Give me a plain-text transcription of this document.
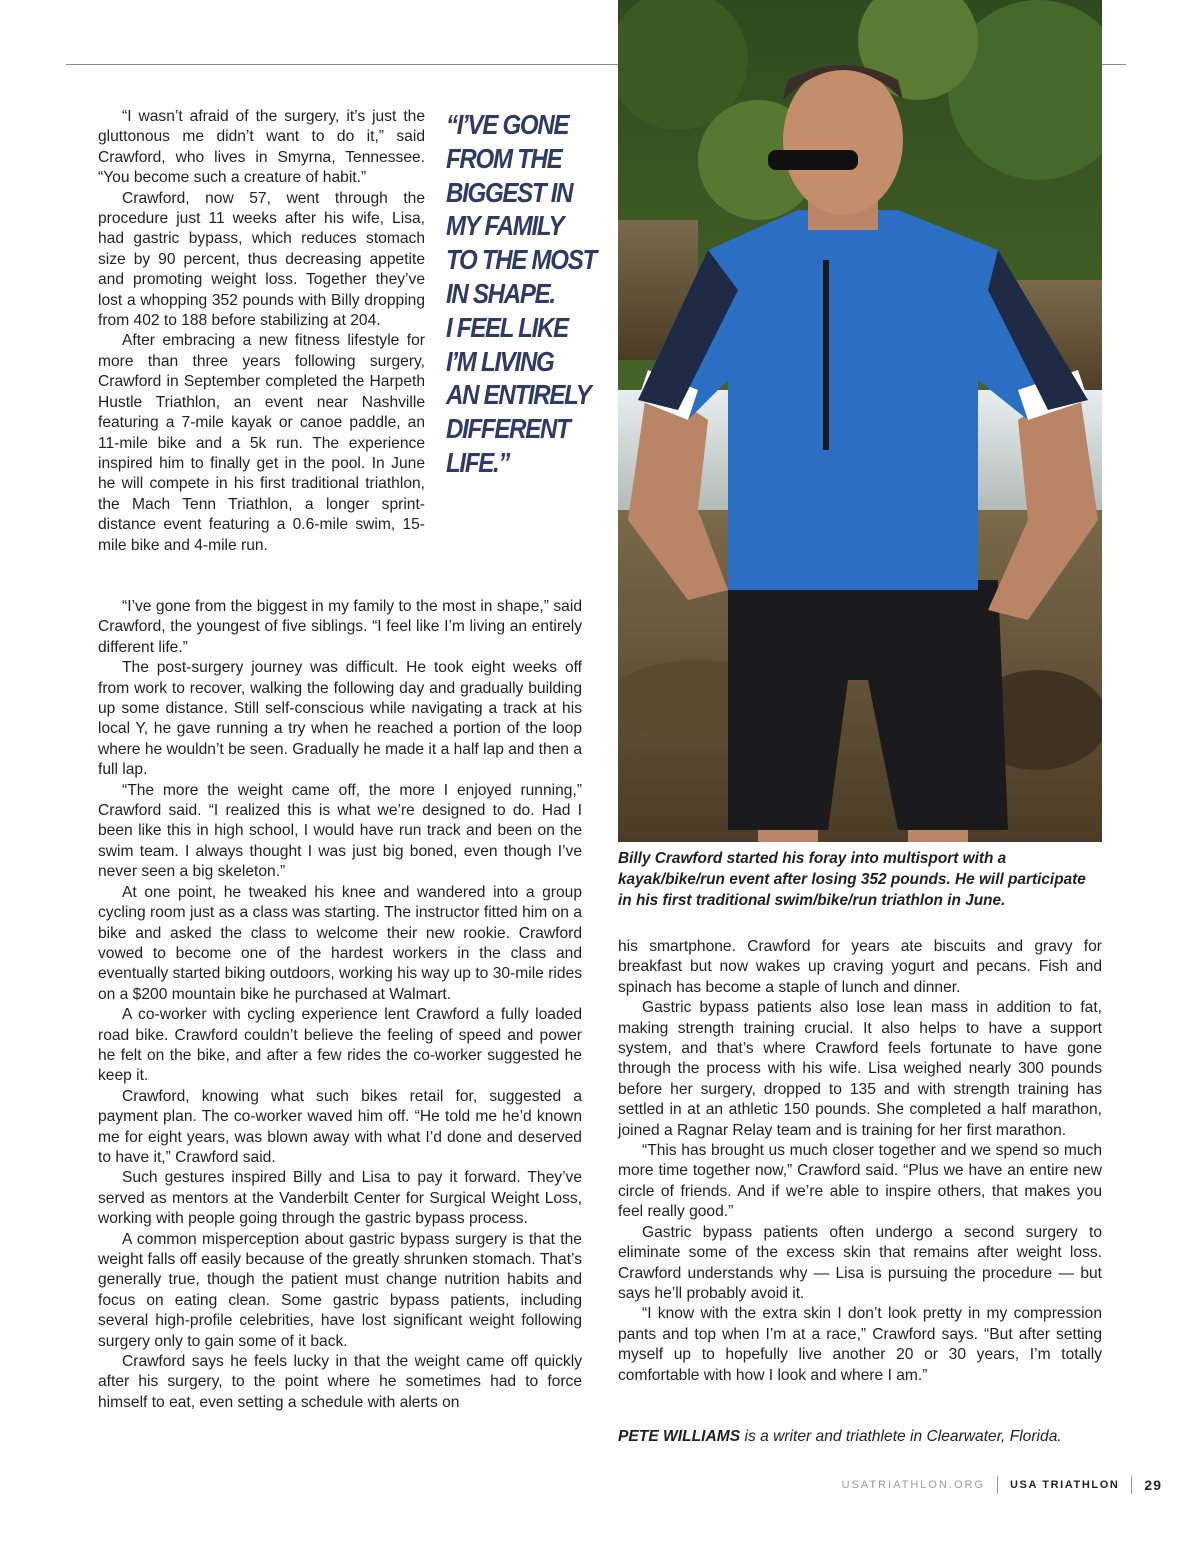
“I wasn’t afraid of the surgery, it’s just the gluttonous me didn’t want to do it,” said Crawford, who lives in Smyrna, Tennessee. “You become such a creature of habit.”

Crawford, now 57, went through the procedure just 11 weeks after his wife, Lisa, had gastric bypass, which reduces stomach size by 90 percent, thus decreasing appetite and promoting weight loss. Together they’ve lost a whopping 352 pounds with Billy dropping from 402 to 188 before stabilizing at 204.

After embracing a new fitness lifestyle for more than three years following surgery, Crawford in September completed the Harpeth Hustle Triathlon, an event near Nashville featuring a 7-mile kayak or canoe paddle, an 11-mile bike and a 5k run. The experience inspired him to finally get in the pool. In June he will compete in his first traditional triathlon, the Mach Tenn Triathlon, a longer sprint-distance event featuring a 0.6-mile swim, 15-mile bike and 4-mile run.

“I’VE GONE
FROM THE
BIGGEST IN
MY FAMILY
TO THE MOST
IN SHAPE.
I FEEL LIKE
I’M LIVING
AN ENTIRELY
DIFFERENT
LIFE.”

“I’ve gone from the biggest in my family to the most in shape,” said Crawford, the youngest of five siblings. “I feel like I’m living an entirely different life.”

The post-surgery journey was difficult. He took eight weeks off from work to recover, walking the following day and gradually building up some distance. Still self-conscious while navigating a track at his local Y, he gave running a try when he reached a portion of the loop where he wouldn’t be seen. Gradually he made it a half lap and then a full lap.

“The more the weight came off, the more I enjoyed running,” Crawford said. “I realized this is what we’re designed to do. Had I been like this in high school, I would have run track and been on the swim team. I always thought I was just big boned, even though I’ve never seen a big skeleton.”

At one point, he tweaked his knee and wandered into a group cycling room just as a class was starting. The instructor fitted him on a bike and asked the class to welcome their new rookie. Crawford vowed to become one of the hardest workers in the class and eventually started biking outdoors, working his way up to 30-mile rides on a $200 mountain bike he purchased at Walmart.

A co-worker with cycling experience lent Crawford a fully loaded road bike. Crawford couldn’t believe the feeling of speed and power he felt on the bike, and after a few rides the co-worker suggested he keep it.

Crawford, knowing what such bikes retail for, suggested a payment plan. The co-worker waved him off. “He told me he’d known me for eight years, was blown away with what I’d done and deserved to have it,” Crawford said.

Such gestures inspired Billy and Lisa to pay it forward. They’ve served as mentors at the Vanderbilt Center for Surgical Weight Loss, working with people going through the gastric bypass process.

A common misperception about gastric bypass surgery is that the weight falls off easily because of the greatly shrunken stomach. That’s generally true, though the patient must change nutrition habits and focus on eating clean. Some gastric bypass patients, including several high-profile celebrities, have lost significant weight following surgery only to gain some of it back.

Crawford says he feels lucky in that the weight came off quickly after his surgery, to the point where he sometimes had to force himself to eat, even setting a schedule with alerts on

Billy Crawford started his foray into multisport with a kayak/bike/run event after losing 352 pounds. He will participate in his first traditional swim/bike/run triathlon in June.

his smartphone. Crawford for years ate biscuits and gravy for breakfast but now wakes up craving yogurt and pecans. Fish and spinach has become a staple of lunch and dinner.

Gastric bypass patients also lose lean mass in addition to fat, making strength training crucial. It also helps to have a support system, and that’s where Crawford feels fortunate to have gone through the process with his wife. Lisa weighed nearly 300 pounds before her surgery, dropped to 135 and with strength training has settled in at an athletic 150 pounds. She completed a half marathon, joined a Ragnar Relay team and is training for her first marathon.

“This has brought us much closer together and we spend so much more time together now,” Crawford said. “Plus we have an entire new circle of friends. And if we’re able to inspire others, that makes you feel really good.”

Gastric bypass patients often undergo a second surgery to eliminate some of the excess skin that remains after weight loss. Crawford understands why — Lisa is pursuing the procedure — but says he’ll probably avoid it.

“I know with the extra skin I don’t look pretty in my compression pants and top when I’m at a race,” Crawford says. “But after setting myself up to hopefully live another 20 or 30 years, I’m totally comfortable with how I look and where I am.”

PETE WILLIAMS is a writer and triathlete in Clearwater, Florida.
USATRIATHLON.ORG USA TRIATHLON 29
